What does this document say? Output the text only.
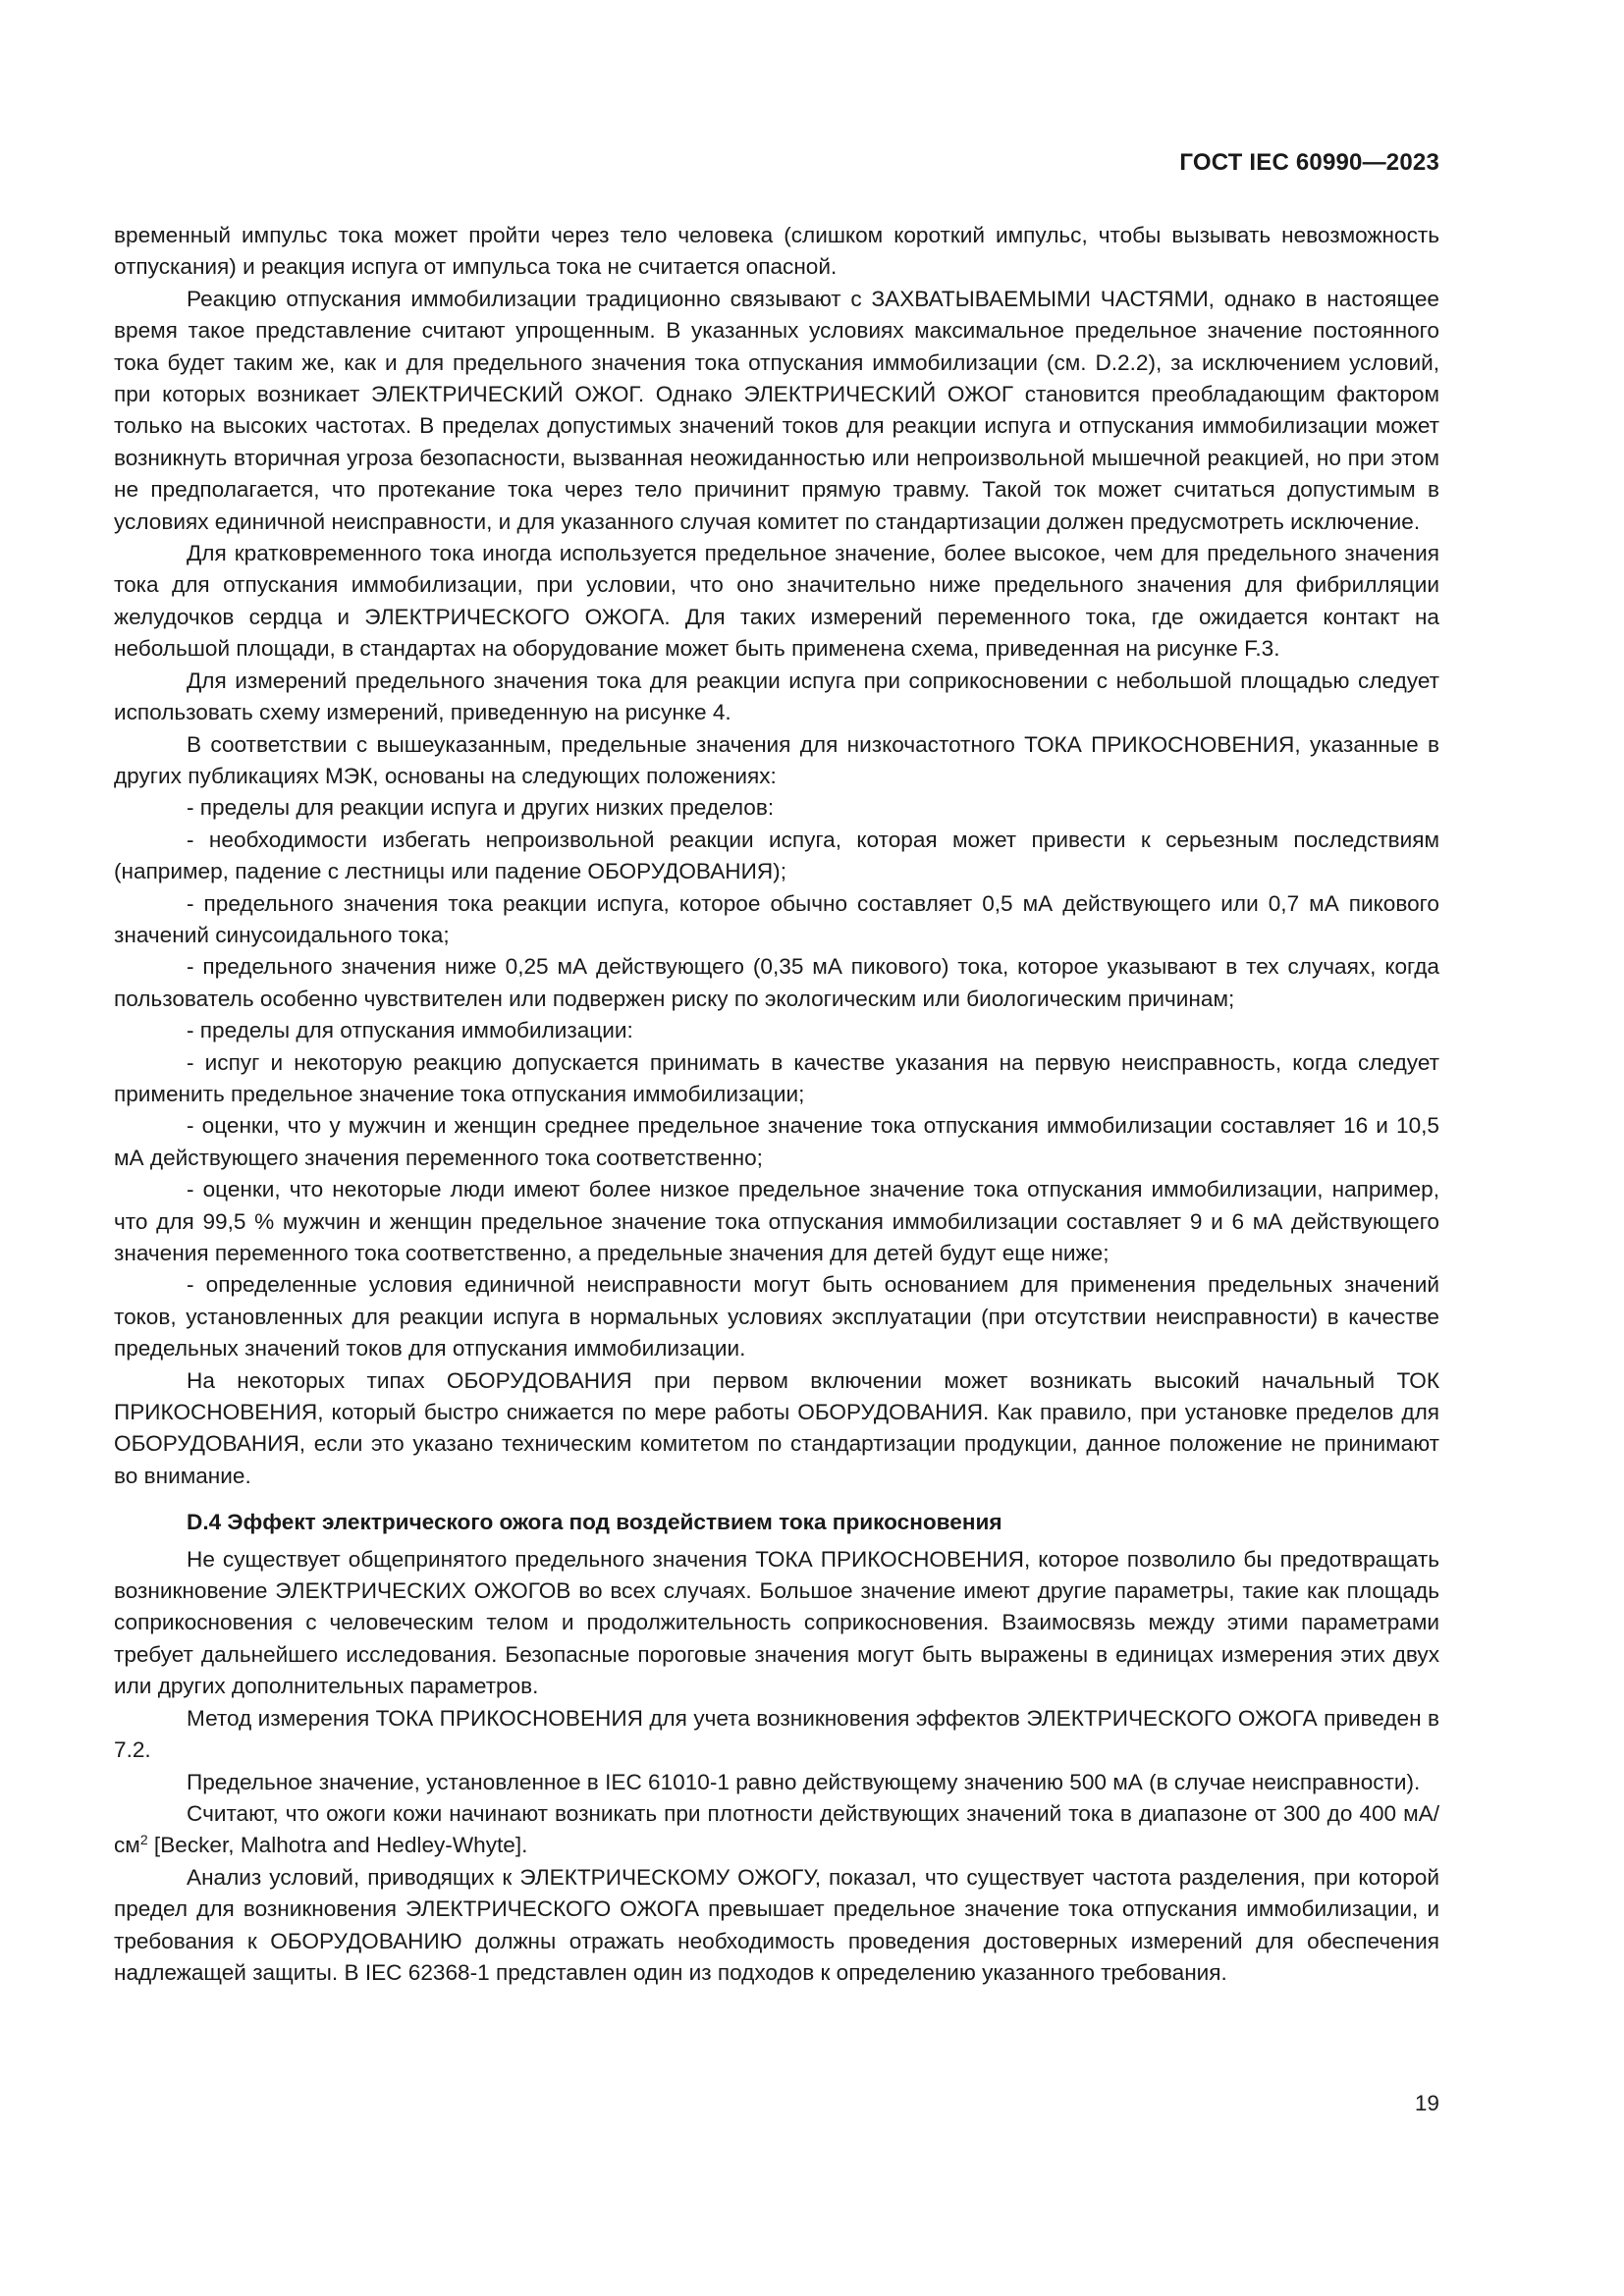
ГОСТ IEC 60990—2023

временный импульс тока может пройти через тело человека (слишком короткий импульс, чтобы вызывать невозможность отпускания) и реакция испуга от импульса тока не считается опасной.

Реакцию отпускания иммобилизации традиционно связывают с ЗАХВАТЫВАЕМЫМИ ЧАСТЯМИ, однако в настоящее время такое представление считают упрощенным. В указанных условиях максимальное предельное значение постоянного тока будет таким же, как и для предельного значения тока отпускания иммобилизации (см. D.2.2), за исключением условий, при которых возникает ЭЛЕКТРИЧЕСКИЙ ОЖОГ. Однако ЭЛЕКТРИЧЕСКИЙ ОЖОГ становится преобладающим фактором только на высоких частотах. В пределах допустимых значений токов для реакции испуга и отпускания иммобилизации может возникнуть вторичная угроза безопасности, вызванная неожиданностью или непроизвольной мышечной реакцией, но при этом не предполагается, что протекание тока через тело причинит прямую травму. Такой ток может считаться допустимым в условиях единичной неисправности, и для указанного случая комитет по стандартизации должен предусмотреть исключение.

Для кратковременного тока иногда используется предельное значение, более высокое, чем для предельного значения тока для отпускания иммобилизации, при условии, что оно значительно ниже предельного значения для фибрилляции желудочков сердца и ЭЛЕКТРИЧЕСКОГО ОЖОГА. Для таких измерений переменного тока, где ожидается контакт на небольшой площади, в стандартах на оборудование может быть применена схема, приведенная на рисунке F.3.

Для измерений предельного значения тока для реакции испуга при соприкосновении с небольшой площадью следует использовать схему измерений, приведенную на рисунке 4.

В соответствии с вышеуказанным, предельные значения для низкочастотного ТОКА ПРИКОСНОВЕНИЯ, указанные в других публикациях МЭК, основаны на следующих положениях:

- пределы для реакции испуга и других низких пределов:

- необходимости избегать непроизвольной реакции испуга, которая может привести к серьезным последствиям (например, падение с лестницы или падение ОБОРУДОВАНИЯ);

- предельного значения тока реакции испуга, которое обычно составляет 0,5 мА действующего или 0,7 мА пикового значений синусоидального тока;

- предельного значения ниже 0,25 мА действующего (0,35 мА пикового) тока, которое указывают в тех случаях, когда пользователь особенно чувствителен или подвержен риску по экологическим или биологическим причинам;

- пределы для отпускания иммобилизации:

- испуг и некоторую реакцию допускается принимать в качестве указания на первую неисправность, когда следует применить предельное значение тока отпускания иммобилизации;

- оценки, что у мужчин и женщин среднее предельное значение тока отпускания иммобилизации составляет 16 и 10,5 мА действующего значения переменного тока соответственно;

- оценки, что некоторые люди имеют более низкое предельное значение тока отпускания иммобилизации, например, что для 99,5 % мужчин и женщин предельное значение тока отпускания иммобилизации составляет 9 и 6 мА действующего значения переменного тока соответственно, а предельные значения для детей будут еще ниже;

- определенные условия единичной неисправности могут быть основанием для применения предельных значений токов, установленных для реакции испуга в нормальных условиях эксплуатации (при отсутствии неисправности) в качестве предельных значений токов для отпускания иммобилизации.

На некоторых типах ОБОРУДОВАНИЯ при первом включении может возникать высокий начальный ТОК ПРИКОСНОВЕНИЯ, который быстро снижается по мере работы ОБОРУДОВАНИЯ. Как правило, при установке пределов для ОБОРУДОВАНИЯ, если это указано техническим комитетом по стандартизации продукции, данное положение не принимают во внимание.

D.4 Эффект электрического ожога под воздействием тока прикосновения

Не существует общепринятого предельного значения ТОКА ПРИКОСНОВЕНИЯ, которое позволило бы предотвращать возникновение ЭЛЕКТРИЧЕСКИХ ОЖОГОВ во всех случаях. Большое значение имеют другие параметры, такие как площадь соприкосновения с человеческим телом и продолжительность соприкосновения. Взаимосвязь между этими параметрами требует дальнейшего исследования. Безопасные пороговые значения могут быть выражены в единицах измерения этих двух или других дополнительных параметров.

Метод измерения ТОКА ПРИКОСНОВЕНИЯ для учета возникновения эффектов ЭЛЕКТРИЧЕСКОГО ОЖОГА приведен в 7.2.

Предельное значение, установленное в IEC 61010-1 равно действующему значению 500 мА (в случае неисправности).

Считают, что ожоги кожи начинают возникать при плотности действующих значений тока в диапазоне от 300 до 400 $мА/см^2$ [Becker, Malhotra and Hedley-Whyte].

Анализ условий, приводящих к ЭЛЕКТРИЧЕСКОМУ ОЖОГУ, показал, что существует частота разделения, при которой предел для возникновения ЭЛЕКТРИЧЕСКОГО ОЖОГА превышает предельное значение тока отпускания иммобилизации, и требования к ОБОРУДОВАНИЮ должны отражать необходимость проведения достоверных измерений для обеспечения надлежащей защиты. В IEC 62368-1 представлен один из подходов к определению указанного требования.

19
